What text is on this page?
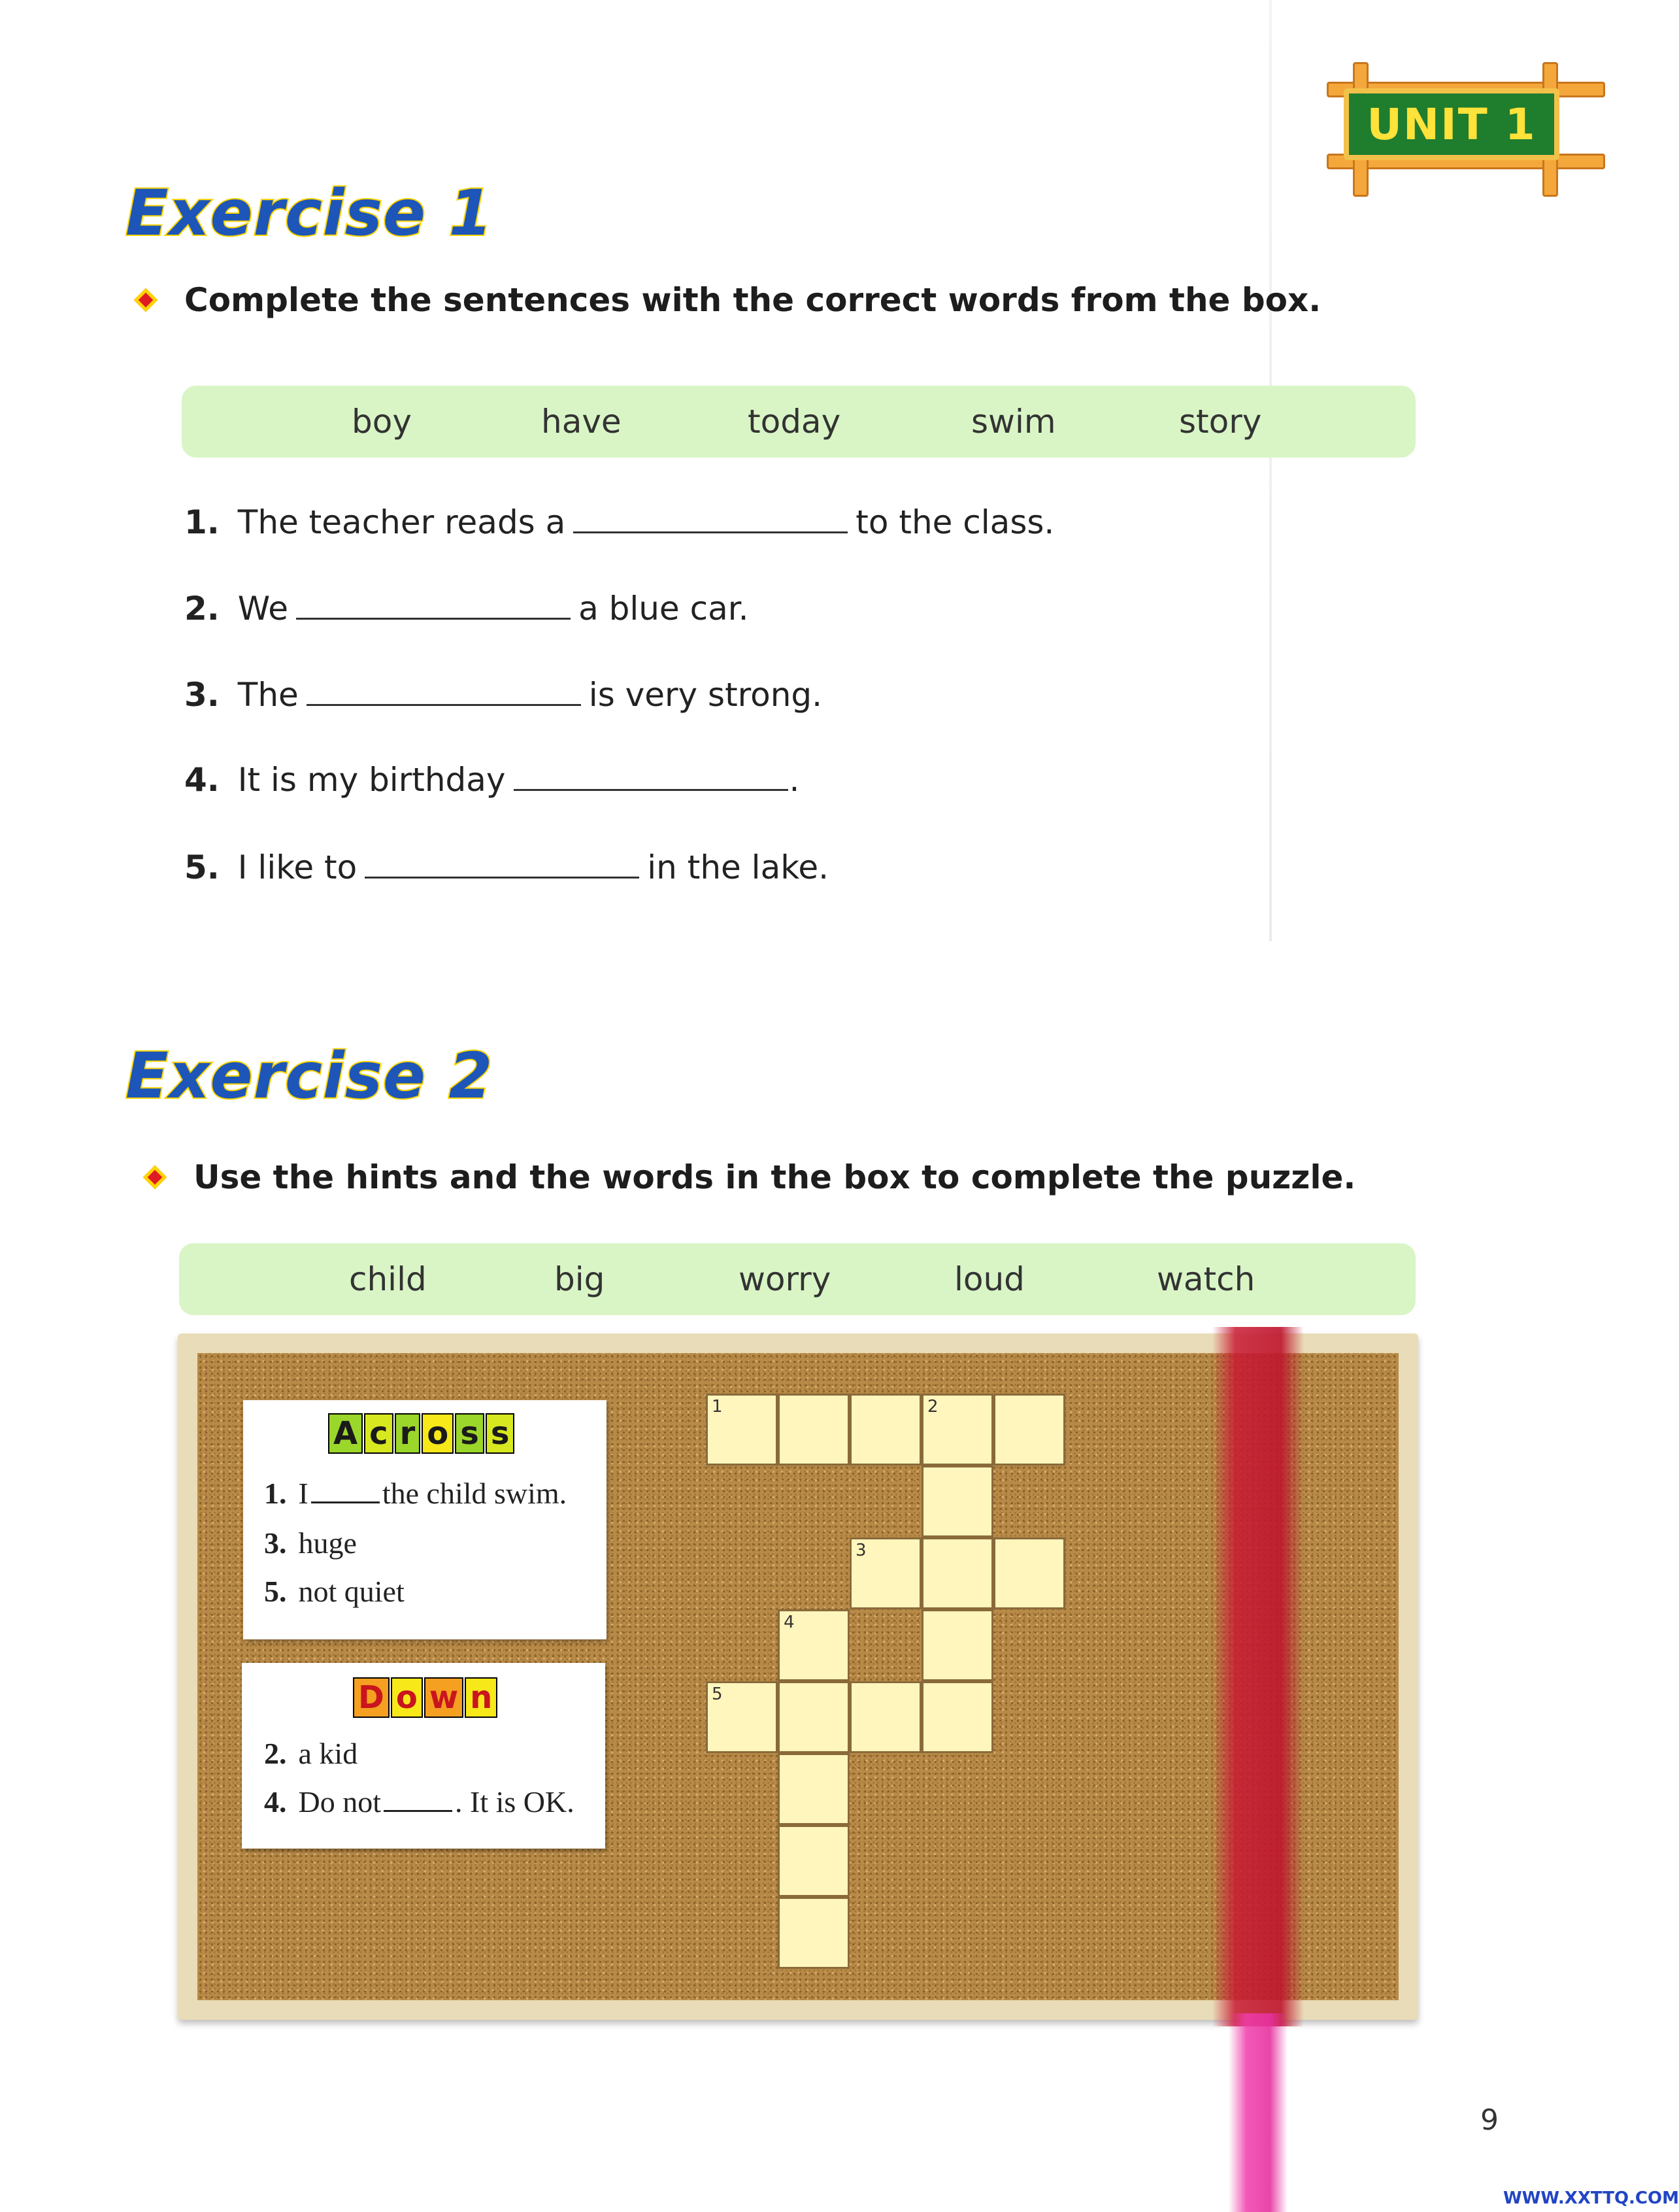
UNIT
1
Exercise 1
Complete the sentences with the correct words from the box.
boy	have	today	swim	story
1. The teacher reads a	to the class.
2. We	a blue car.
3. The	is very strong.
4. It is my birthday	.
5. I like to	in the lake.
Exercise 2
Use the hints and the words in the box to complete the puzzle.
child	big	worry	loud	watch
A c r o s s
1. I the child swim.
3. huge
5. not quiet
D o w n
2. a kid
4. Do not . It is OK.
1	2
3
4
5
9
WWW.XXTTQ.COM
